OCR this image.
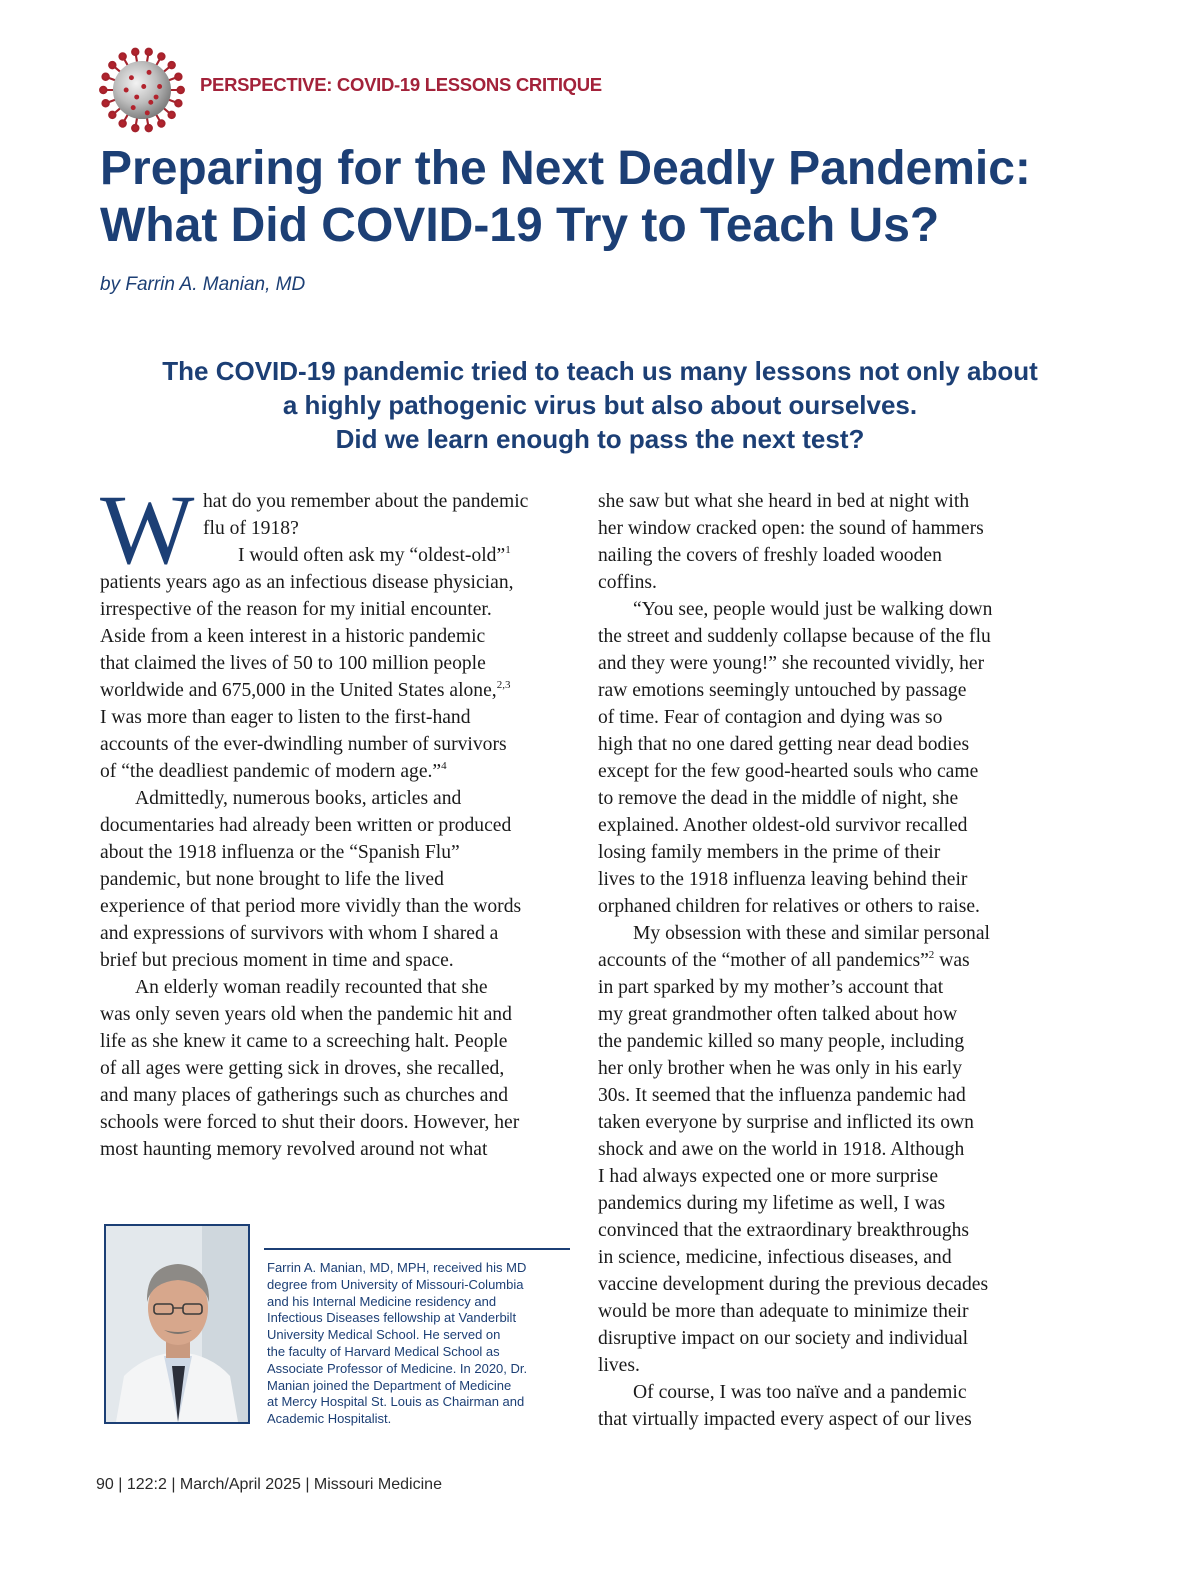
PERSPECTIVE: COVID-19 LESSONS CRITIQUE
Preparing for the Next Deadly Pandemic:
What Did COVID-19 Try to Teach Us?
by Farrin A. Manian, MD
The COVID-19 pandemic tried to teach us many lessons not only about
a highly pathogenic virus but also about ourselves.
Did we learn enough to pass the next test?
W hat do you remember about the pandemic
flu of 1918?
I would often ask my “oldest-old”$^1$
patients years ago as an infectious disease physician,
irrespective of the reason for my initial encounter.
Aside from a keen interest in a historic pandemic
that claimed the lives of 50 to 100 million people
worldwide and 675,000 in the United States alone,$^{2,3}$
I was more than eager to listen to the first-hand
accounts of the ever-dwindling number of survivors
of “the deadliest pandemic of modern age.”$^4$
Admittedly, numerous books, articles and
documentaries had already been written or produced
about the 1918 influenza or the “Spanish Flu”
pandemic, but none brought to life the lived
experience of that period more vividly than the words
and expressions of survivors with whom I shared a
brief but precious moment in time and space.
An elderly woman readily recounted that she
was only seven years old when the pandemic hit and
life as she knew it came to a screeching halt. People
of all ages were getting sick in droves, she recalled,
and many places of gatherings such as churches and
schools were forced to shut their doors. However, her
most haunting memory revolved around not what
she saw but what she heard in bed at night with
her window cracked open: the sound of hammers
nailing the covers of freshly loaded wooden
coffins.
“You see, people would just be walking down
the street and suddenly collapse because of the flu
and they were young!” she recounted vividly, her
raw emotions seemingly untouched by passage
of time. Fear of contagion and dying was so
high that no one dared getting near dead bodies
except for the few good-hearted souls who came
to remove the dead in the middle of night, she
explained. Another oldest-old survivor recalled
losing family members in the prime of their
lives to the 1918 influenza leaving behind their
orphaned children for relatives or others to raise.
My obsession with these and similar personal
accounts of the “mother of all pandemics”$^2$ was
in part sparked by my mother’s account that
my great grandmother often talked about how
the pandemic killed so many people, including
her only brother when he was only in his early
30s. It seemed that the influenza pandemic had
taken everyone by surprise and inflicted its own
shock and awe on the world in 1918. Although
I had always expected one or more surprise
pandemics during my lifetime as well, I was
convinced that the extraordinary breakthroughs
in science, medicine, infectious diseases, and
vaccine development during the previous decades
would be more than adequate to minimize their
disruptive impact on our society and individual
lives.
Of course, I was too naïve and a pandemic
that virtually impacted every aspect of our lives
Farrin A. Manian, MD, MPH, received his MD
degree from University of Missouri-Columbia
and his Internal Medicine residency and
Infectious Diseases fellowship at Vanderbilt
University Medical School. He served on
the faculty of Harvard Medical School as
Associate Professor of Medicine. In 2020, Dr.
Manian joined the Department of Medicine
at Mercy Hospital St. Louis as Chairman and
Academic Hospitalist.
90 | 122:2 | March/April 2025 | Missouri Medicine
